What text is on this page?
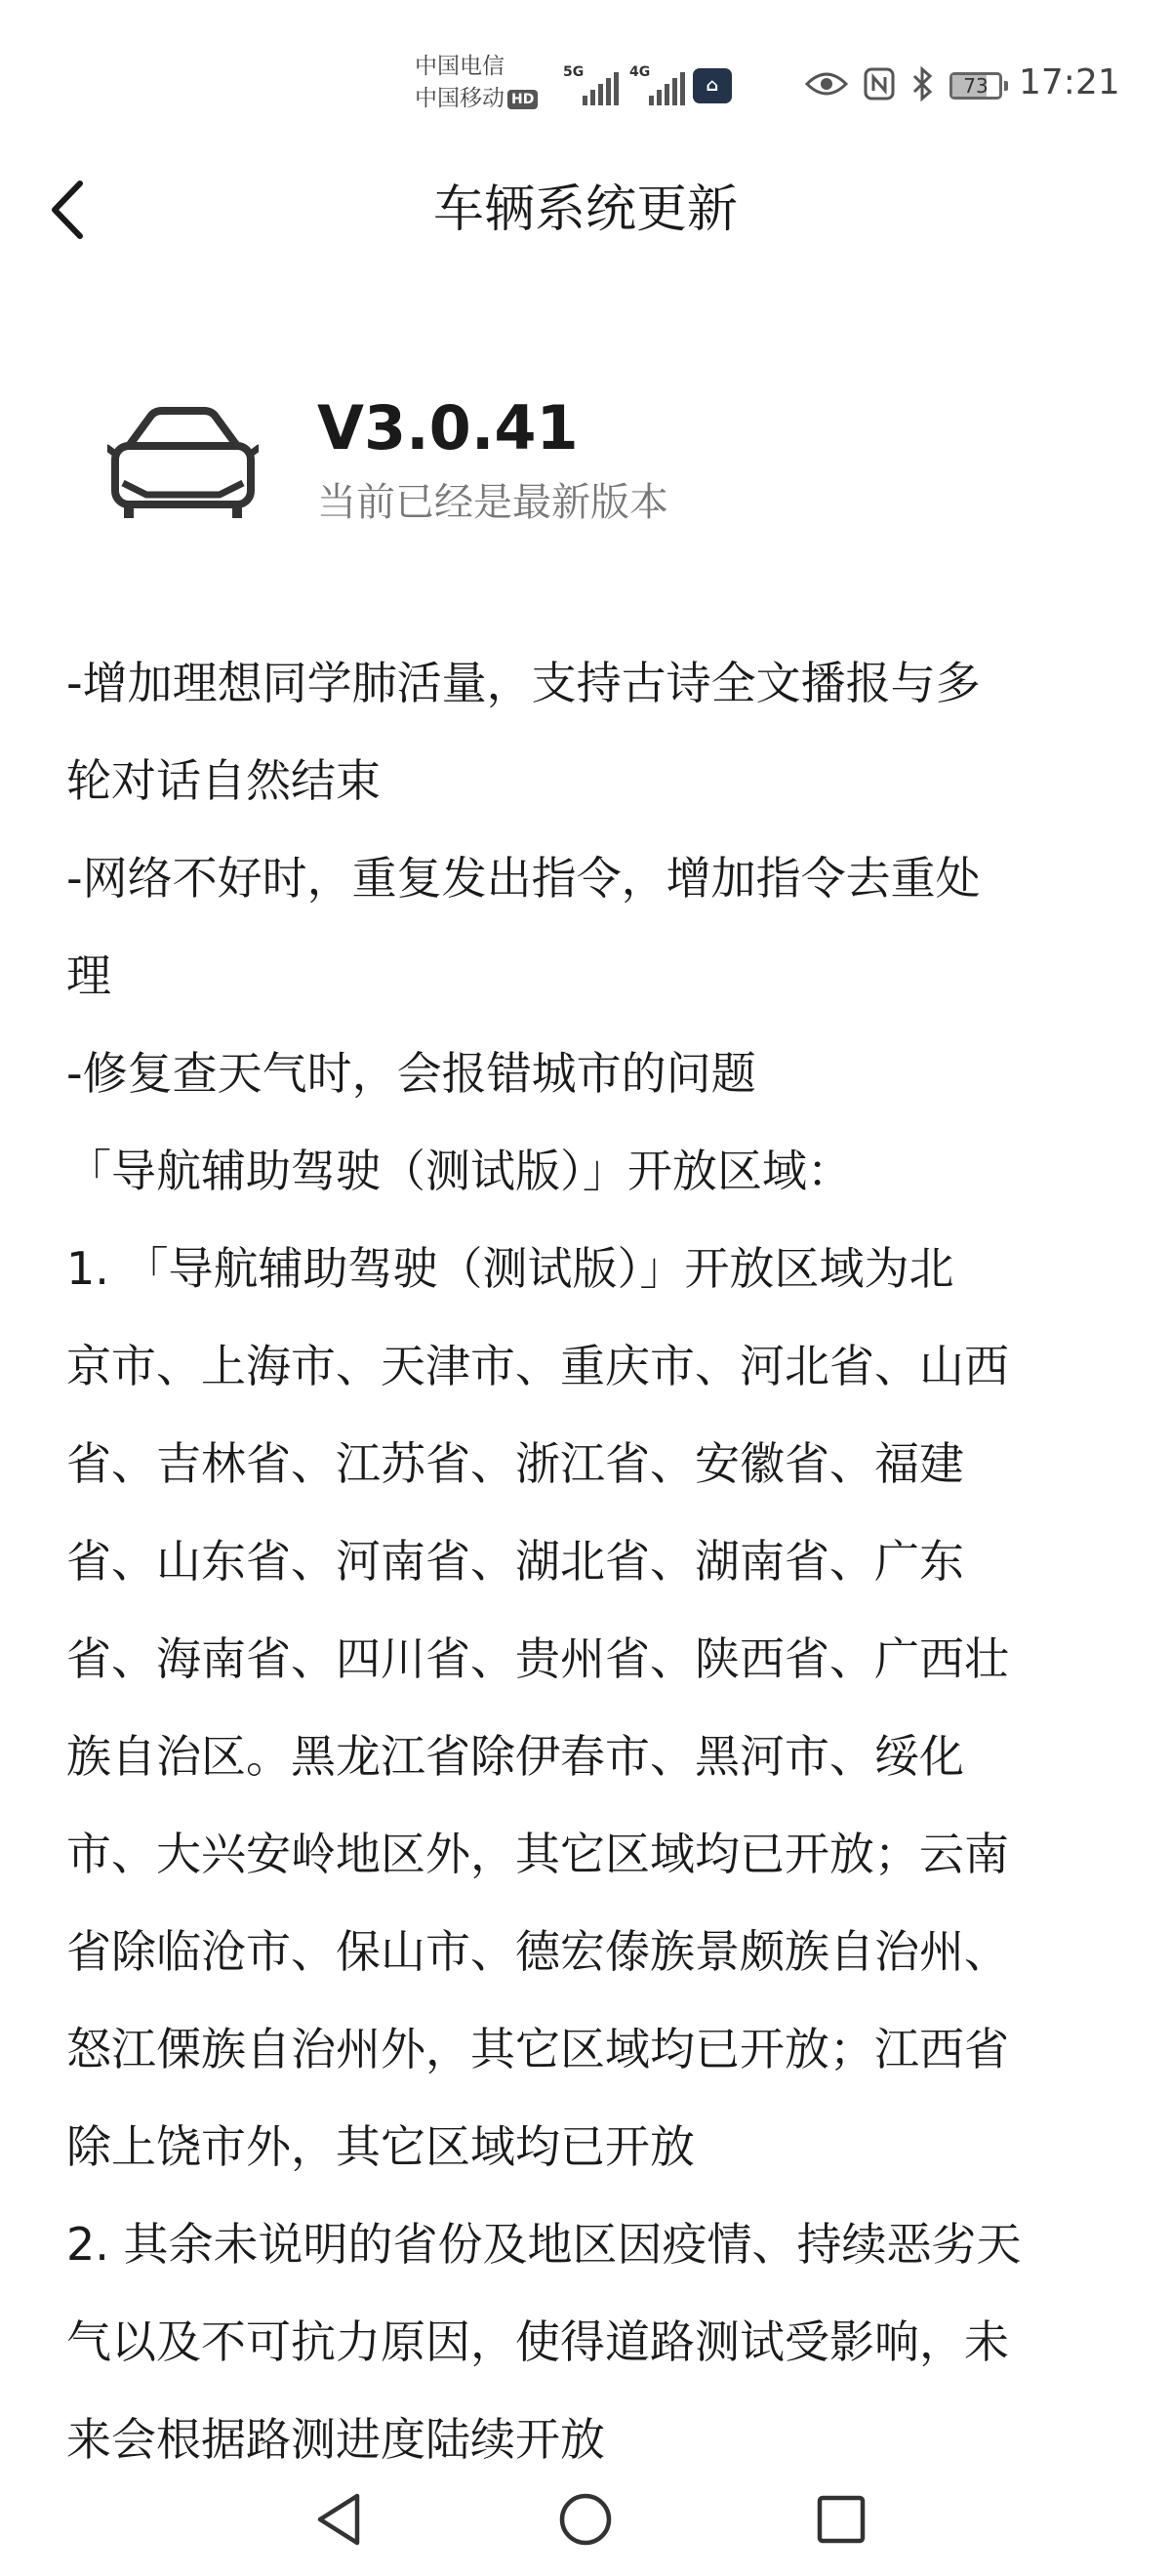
中国电信
中国移动 HD
5G	4G
⌂	73 17:21
车辆系统更新
V3.0.41
当前已经是最新版本
-增加理想同学肺活量，支持古诗全文播报与多
轮对话自然结束
-网络不好时，重复发出指令，增加指令去重处
理
-修复查天气时，会报错城市的问题
「导航辅助驾驶（测试版）」开放区域：
1. 「导航辅助驾驶（测试版）」开放区域为北
京市、上海市、天津市、重庆市、河北省、山西
省、吉林省、江苏省、浙江省、安徽省、福建
省、山东省、河南省、湖北省、湖南省、广东
省、海南省、四川省、贵州省、陕西省、广西壮
族自治区。黑龙江省除伊春市、黑河市、绥化
市、大兴安岭地区外，其它区域均已开放；云南
省除临沧市、保山市、德宏傣族景颇族自治州、
怒江傈族自治州外，其它区域均已开放；江西省
除上饶市外，其它区域均已开放
2. 其余未说明的省份及地区因疫情、持续恶劣天
气以及不可抗力原因，使得道路测试受影响，未
来会根据路测进度陆续开放
